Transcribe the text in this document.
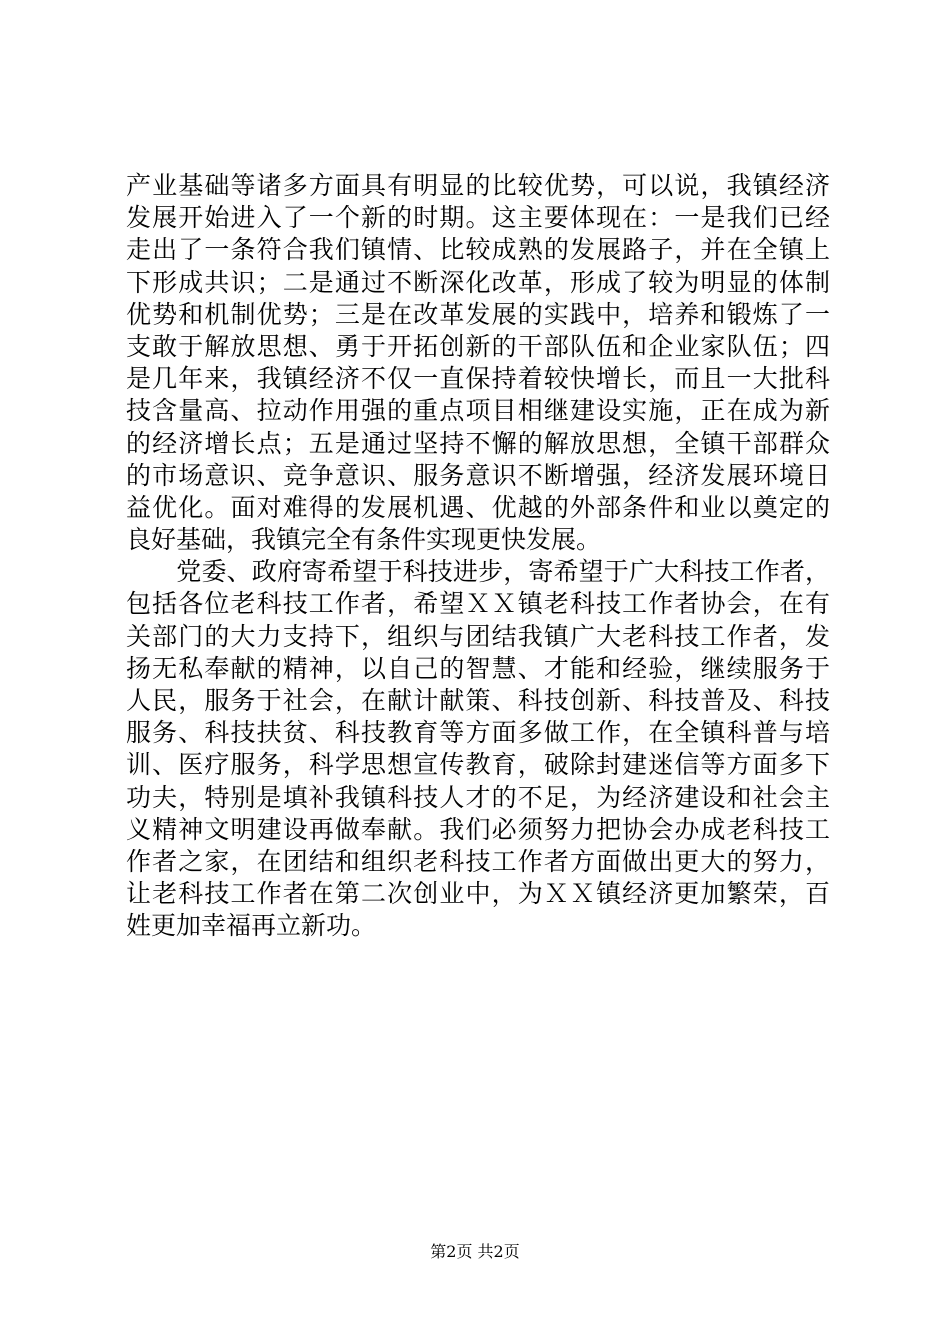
产业基础等诸多方面具有明显的比较优势，可以说，我镇经济
发展开始进入了一个新的时期。这主要体现在：一是我们已经
走出了一条符合我们镇情、比较成熟的发展路子，并在全镇上
下形成共识；二是通过不断深化改革，形成了较为明显的体制
优势和机制优势；三是在改革发展的实践中，培养和锻炼了一
支敢于解放思想、勇于开拓创新的干部队伍和企业家队伍；四
是几年来，我镇经济不仅一直保持着较快增长，而且一大批科
技含量高、拉动作用强的重点项目相继建设实施，正在成为新
的经济增长点；五是通过坚持不懈的解放思想，全镇干部群众
的市场意识、竞争意识、服务意识不断增强，经济发展环境日
益优化。面对难得的发展机遇、优越的外部条件和业以奠定的
良好基础，我镇完全有条件实现更快发展。
　　党委、政府寄希望于科技进步，寄希望于广大科技工作者，
包括各位老科技工作者，希望ＸＸ镇老科技工作者协会，在有
关部门的大力支持下，组织与团结我镇广大老科技工作者，发
扬无私奉献的精神，以自己的智慧、才能和经验，继续服务于
人民，服务于社会，在献计献策、科技创新、科技普及、科技
服务、科技扶贫、科技教育等方面多做工作，在全镇科普与培
训、医疗服务，科学思想宣传教育，破除封建迷信等方面多下
功夫，特别是填补我镇科技人才的不足，为经济建设和社会主
义精神文明建设再做奉献。我们必须努力把协会办成老科技工
作者之家，在团结和组织老科技工作者方面做出更大的努力，
让老科技工作者在第二次创业中，为ＸＸ镇经济更加繁荣，百
姓更加幸福再立新功。
第2页 共2页
